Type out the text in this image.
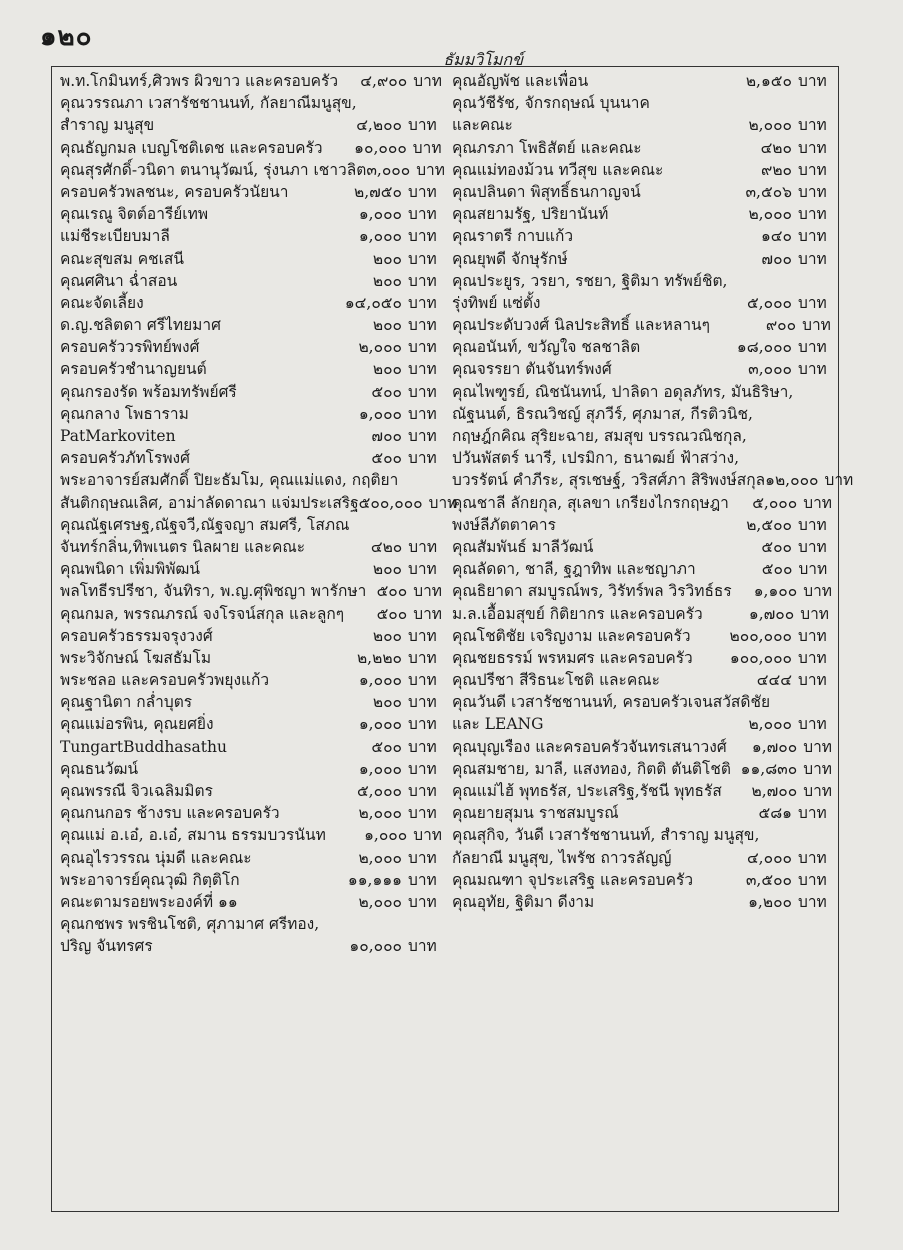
๑๒๐
ธัมมวิโมกข์
พ.ท.โกมินทร์,ศิวพร ผิวขาว และครอบครัว	๔,๙๐๐ บาท
คุณวรรณภา เวสารัชชานนท์, กัลยาณีมนูสุข,
สำราญ มนูสุข	๔,๒๐๐ บาท
คุณธัญกมล เบญโชติเดช และครอบครัว	๑๐,๐๐๐ บาท
คุณสุรศักดิ์-วนิดา ตนานุวัฒน์, รุ่งนภา เชาวลิต ๓,๐๐๐ บาท
ครอบครัวพลชนะ, ครอบครัวนัยนา	๒,๗๕๐ บาท
คุณเรณู จิตต์อารีย์เทพ	๑,๐๐๐ บาท
แม่ชีระเบียบมาลี	๑,๐๐๐ บาท
คณะสุขสม คชเสนี	๒๐๐ บาท
คุณศศินา ฉ่ำสอน	๒๐๐ บาท
คณะจัดเลี้ยง	๑๔,๐๕๐ บาท
ด.ญ.ชลิตดา ศรีไทยมาศ	๒๐๐ บาท
ครอบครัววรพิทย์พงศ์	๒,๐๐๐ บาท
ครอบครัวชำนาญยนต์	๒๐๐ บาท
คุณกรองรัด พร้อมทรัพย์ศรี	๕๐๐ บาท
คุณกลาง โพธาราม	๑,๐๐๐ บาท
PatMarkoviten	๗๐๐ บาท
ครอบครัวภัทโรพงศ์	๕๐๐ บาท
พระอาจารย์สมศักดิ์ ปิยะธัมโม, คุณแม่แดง, กฤติยา
สันติกฤษณเลิศ, อาม่าลัดดาณา แจ่มประเสริฐ ๕๐๐,๐๐๐ บาท
คุณณัฐเศรษฐ,ณัฐจวี,ณัฐจญา สมศรี, โสภณ
จันทร์กลิ่น,ทิพเนตร นิลผาย และคณะ	๔๒๐ บาท
คุณพนิดา เพิ่มพิพัฒน์	๒๐๐ บาท
พลโทธีรปรีชา, จันทิรา, พ.ญ.ศุพิชญา พารักษา ๕๐๐ บาท
คุณกมล, พรรณภรณ์ จงโรจน์สกุล และลูกๆ	๕๐๐ บาท
ครอบครัวธรรมจรุงวงศ์	๒๐๐ บาท
พระวิจักษณ์ โฆสธัมโม	๒,๒๒๐ บาท
พระชลอ และครอบครัวพยุงแก้ว	๑,๐๐๐ บาท
คุณฐานิตา กล่ำบุตร	๒๐๐ บาท
คุณแม่อรพิน, คุณยศยิ่ง	๑,๐๐๐ บาท
TungartBuddhasathu	๕๐๐ บาท
คุณธนวัฒน์	๑,๐๐๐ บาท
คุณพรรณี จิวเฉลิมมิตร	๕,๐๐๐ บาท
คุณกนกอร ช้างรบ และครอบครัว	๒,๐๐๐ บาท
คุณแม่ อ.เอ๋, อ.เอ๋, สมาน ธรรมบวรนันท	๑,๐๐๐ บาท
คุณอุไรวรรณ นุ่มดี และคณะ	๒,๐๐๐ บาท
พระอาจารย์คุณวุฒิ กิตฺติโก	๑๑,๑๑๑ บาท
คณะตามรอยพระองค์ที่ ๑๑	๒,๐๐๐ บาท
คุณกชพร พรชินโชติ, ศุภามาศ ศรีทอง,
ปริญ จันทรศร	๑๐,๐๐๐ บาท
คุณอัญพัช และเพื่อน	๒,๑๕๐ บาท
คุณวัชีรัช, จักรกฤษณ์ บุนนาค
และคณะ	๒,๐๐๐ บาท
คุณภรภา โพธิสัตย์ และคณะ	๔๒๐ บาท
คุณแม่ทองม้วน ทวีสุข และคณะ	๙๒๐ บาท
คุณปลินดา พิสุทธิ์ธนกาญจน์	๓,๕๐๖ บาท
คุณสยามรัฐ, ปริยานันท์	๒,๐๐๐ บาท
คุณราตรี กาบแก้ว	๑๔๐ บาท
คุณยุพดี จักษุรักษ์	๗๐๐ บาท
คุณประยูร, วรยา, รชยา, ฐิติมา ทรัพย์ชิต,
รุ่งทิพย์ แซ่ตั้ง	๕,๐๐๐ บาท
คุณประดับวงศ์ นิลประสิทธิ์ และหลานๆ	๙๐๐ บาท
คุณอนันท์, ขวัญใจ ชลชาลิต	๑๘,๐๐๐ บาท
คุณจรรยา ตันจันทร์พงศ์	๓,๐๐๐ บาท
คุณไพฑูรย์, ณิชนันทน์, ปาลิดา อดุลภัทร, มันธิริษา,
ณัฐนนต์, ธิรณวิชญ์ สุภวีร์, ศุภมาส, กีรติวนิช,
กฤษฎ์กคิณ สุริยะฉาย, สมสุข บรรณวณิชกุล,
ปวันพัสตร์ นารี, เปรมิกา, ธนาฒย์ ฟ้าสว่าง,
บวรรัตน์ คำภีระ, สุรเชษฐ์, วริสศ์ภา สิริพงษ์สกุล ๑๒,๐๐๐ บาท
คุณชาลี ลักยกุล, สุเลขา เกรียงไกรกฤษฎา	๕,๐๐๐ บาท
พงษ์ลีภัตตาคาร	๒,๕๐๐ บาท
คุณสัมพันธ์ มาลีวัฒน์	๕๐๐ บาท
คุณลัดดา, ชาลี, ฐฎาทิพ และชญาภา	๕๐๐ บาท
คุณธิยาดา สมบูรณ์พร, วิรัทร์พล วิรวิทธ์ธร	๑,๑๐๐ บาท
ม.ล.เอื้อมสุขย์ กิติยากร และครอบครัว	๑,๗๐๐ บาท
คุณโชติชัย เจริญงาม และครอบครัว	๒๐๐,๐๐๐ บาท
คุณชยธรรม์ พรหมศร และครอบครัว	๑๐๐,๐๐๐ บาท
คุณปรีชา สีริธนะโชติ และคณะ	๔๔๔ บาท
คุณวันดี เวสารัชชานนท์, ครอบครัวเจนสวัสดิชัย
และ LEANG	๒,๐๐๐ บาท
คุณบุญเรือง และครอบครัวจันทรเสนาวงศ์	๑,๗๐๐ บาท
คุณสมชาย, มาลี, แสงทอง, กิตติ ตันติโชติ ๑๑,๘๓๐ บาท
คุณแม่ไฮ้ พุทธรัส, ประเสริฐ,รัชนี พุทธรัส	๒,๗๐๐ บาท
คุณยายสุมน ราชสมบูรณ์	๕๘๑ บาท
คุณสุกิจ, วันดี เวสารัชชานนท์, สำราญ มนูสุข,
กัลยาณี มนูสุข, ไพรัช ถาวรลัญญ์	๔,๐๐๐ บาท
คุณมณฑา จุประเสริฐ และครอบครัว	๓,๕๐๐ บาท
คุณอุทัย, ฐิติมา ดีงาม	๑,๒๐๐ บาท
